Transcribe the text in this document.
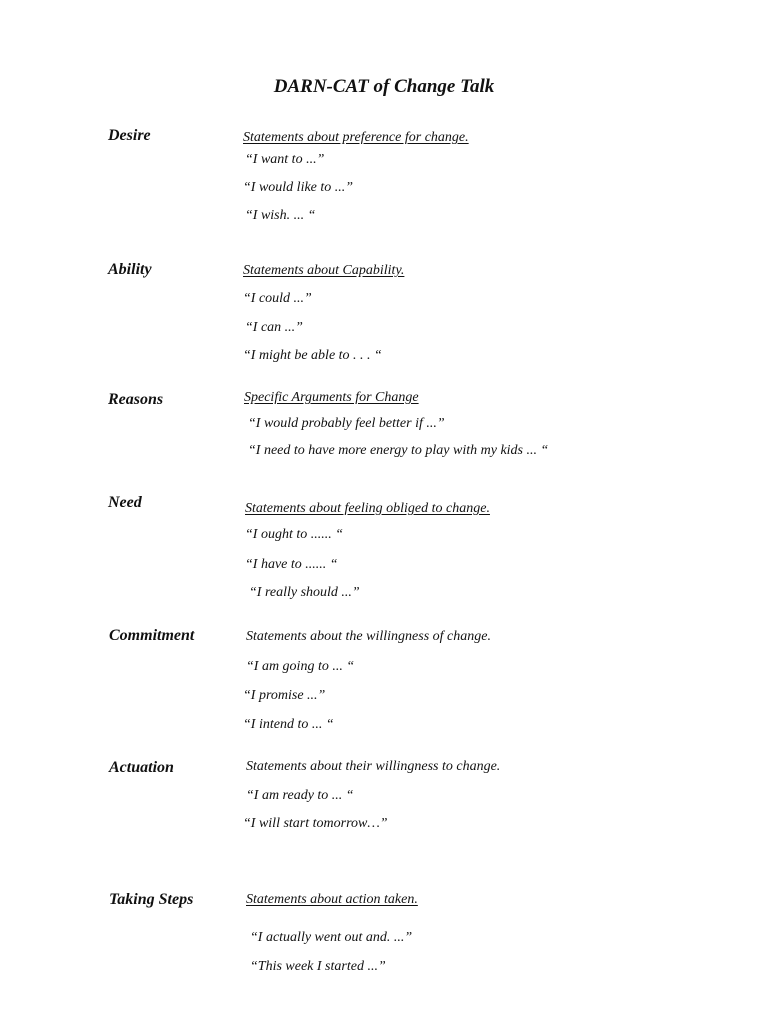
DARN-CAT of Change Talk
Desire	Statements about preference for change.
“I want to ...”
“I would like to ...”
“I wish. ... “
Ability	Statements about Capability.
“I could ...”
“I can ...”
“I might be able to . . . “
Reasons	Specific Arguments for Change
“I would probably feel better if ...”
“I need to have more energy to play with my kids ... “
Need	Statements about feeling obliged to change.
“I ought to ...... “
“I have to ...... “
“I really should ...”
Commitment	Statements about the willingness of change.
“I am going to ... “
“I promise ...”
“I intend to ... “
Actuation	Statements about their willingness to change.
“I am ready to ... “
“I will start tomorrow…”
Taking Steps	Statements about action taken.
“I actually went out and. ...”
“This week I started ...”
